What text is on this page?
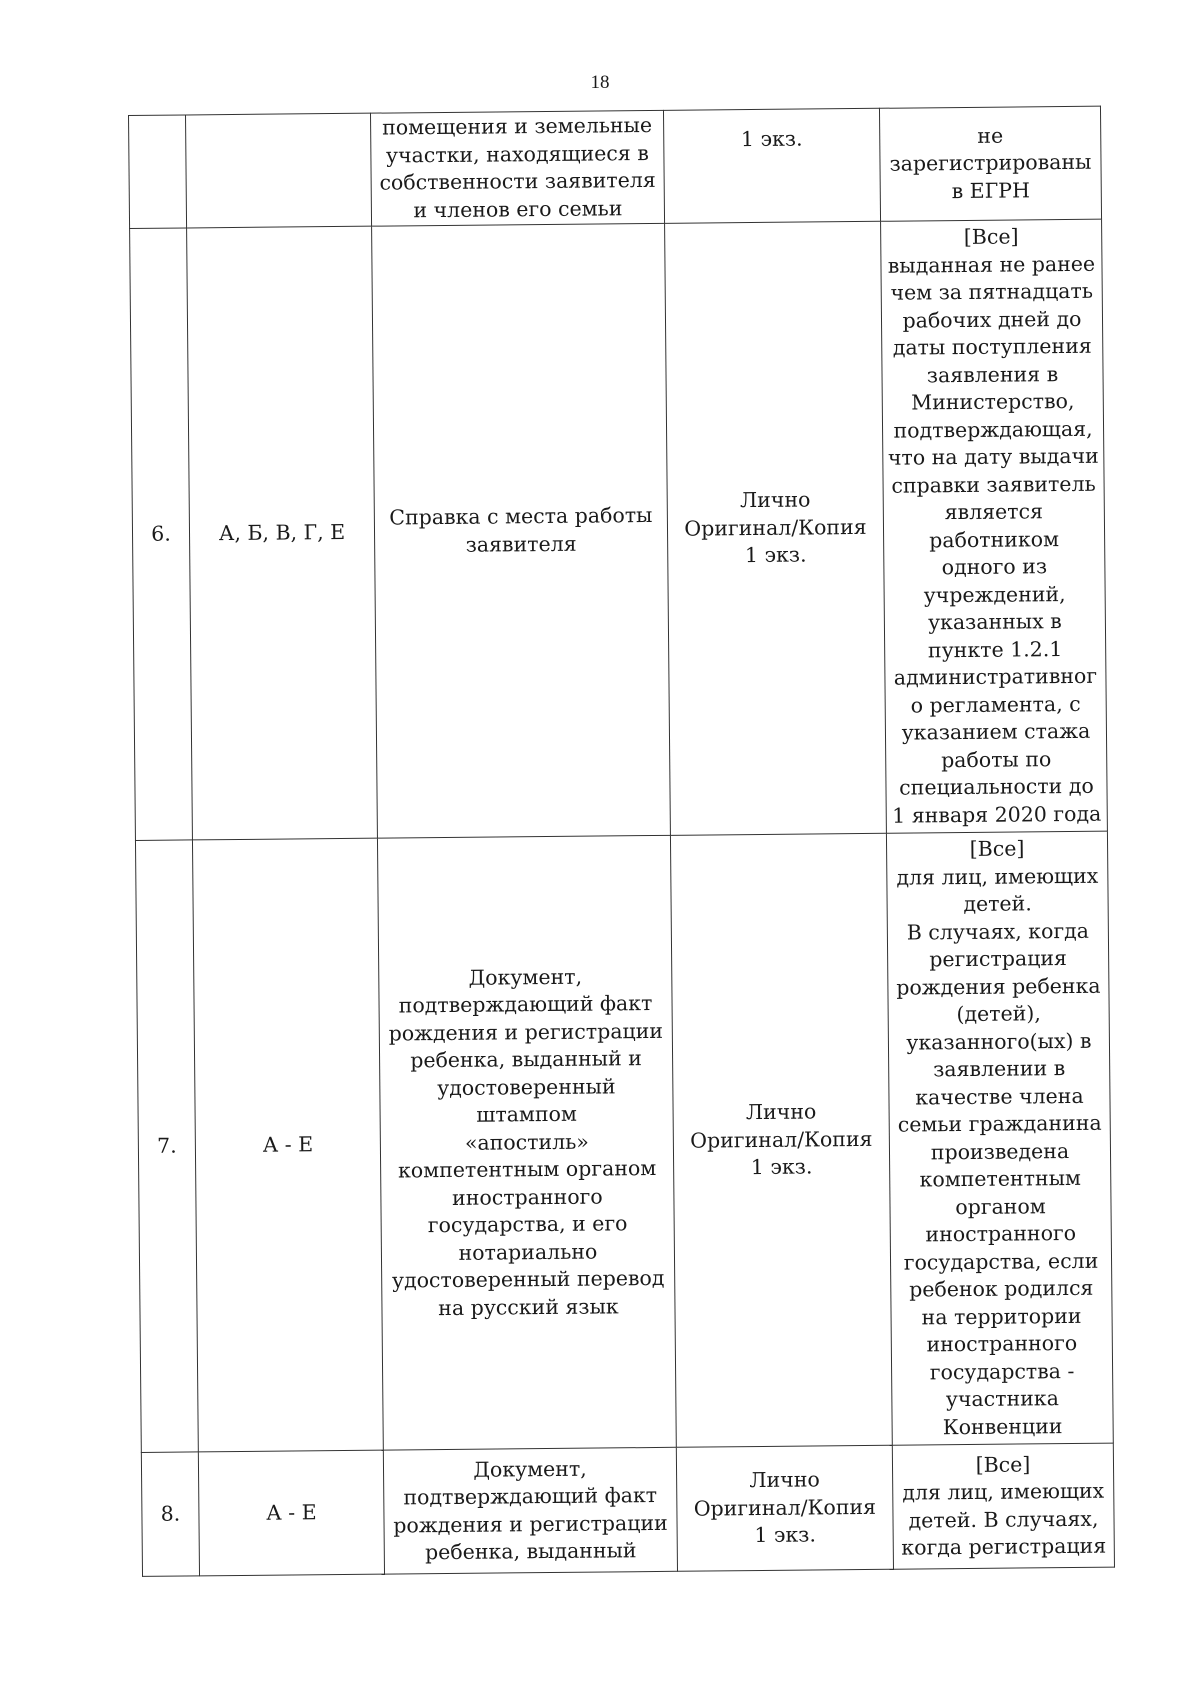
18
		помещения и земельные
участки, находящиеся в
собственности заявителя
и членов его семьи	1 экз.	не
зарегистрированы
в ЕГРН
6.	А, Б, В, Г, Е	Справка с места работы
заявителя	Лично
Оригинал/Копия
1 экз.	[Все]
выданная не ранее
чем за пятнадцать
рабочих дней до
даты поступления
заявления в
Министерство,
подтверждающая,
что на дату выдачи
справки заявитель
является
работником
одного из
учреждений,
указанных в
пункте 1.2.1
административног
о регламента, с
указанием стажа
работы по
специальности до
1 января 2020 года
7.	А - Е	Документ,
подтверждающий факт
рождения и регистрации
ребенка, выданный и
удостоверенный штампом
«апостиль»
компетентным органом
иностранного
государства, и его
нотариально
удостоверенный перевод
на русский язык	Лично
Оригинал/Копия
1 экз.	[Все]
для лиц, имеющих
детей.
В случаях, когда
регистрация
рождения ребенка
(детей),
указанного(ых) в
заявлении в
качестве члена
семьи гражданина
произведена
компетентным
органом
иностранного
государства, если
ребенок родился
на территории
иностранного
государства -
участника
Конвенции
8.	А - Е	Документ,
подтверждающий факт
рождения и регистрации
ребенка, выданный	Лично
Оригинал/Копия
1 экз.	[Все]
для лиц, имеющих
детей. В случаях,
когда регистрация
